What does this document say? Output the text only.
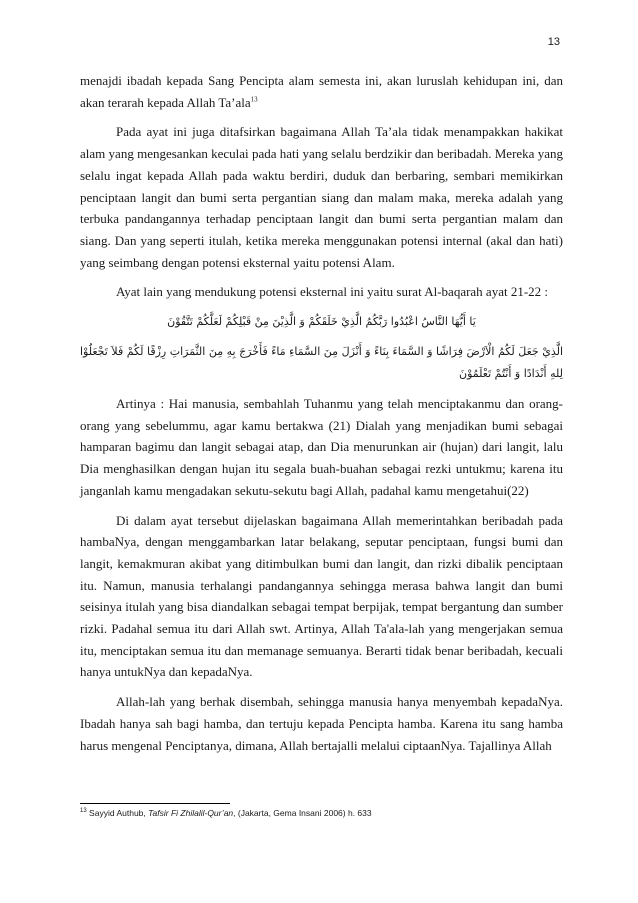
13

menajdi ibadah kepada Sang Pencipta alam semesta ini, akan luruslah kehidupan ini, dan akan terarah kepada Allah Ta’ala$^{13}$

Pada ayat ini juga ditafsirkan bagaimana Allah Ta’ala tidak menampakkan hakikat alam yang mengesankan keculai pada hati yang selalu berdzikir dan beribadah. Mereka yang selalu ingat kepada Allah pada waktu berdiri, duduk dan berbaring, sembari memikirkan penciptaan langit dan bumi serta pergantian siang dan malam maka, mereka adalah yang terbuka pandangannya terhadap penciptaan langit dan bumi serta pergantian malam dan siang. Dan yang seperti itulah, ketika mereka menggunakan potensi internal (akal dan hati) yang seimbang dengan potensi eksternal yaitu potensi Alam.

Ayat lain yang mendukung potensi eksternal ini yaitu surat Al-baqarah ayat 21-22 :

يَا أَيُّهَا النَّاسُ اعْبُدُوا رَبَّكُمُ الَّذِيْ خَلَقَكُمْ وَ الَّذِيْنَ مِنْ قَبْلِكُمْ لَعَلَّكُمْ تَتَّقُوْنَ

الَّذِيْ جَعَلَ لَكُمُ الْاَرْضَ فِرَاشًا وَ السَّمَاءَ بِنَاءً وَ أَنْزَلَ مِنَ السَّمَاءِ مَاءً فَأَخْرَجَ بِهِ مِنَ الثَّمَرَاتِ رِزْقًا لَكُمْ فَلاَ تَجْعَلُوْا لِلهِ أَنْدَادًا وَ أَنْتُمْ تَعْلَمُوْنَ

Artinya : Hai manusia, sembahlah Tuhanmu yang telah menciptakanmu dan orang-orang yang sebelummu, agar kamu bertakwa (21) Dialah yang menjadikan bumi sebagai hamparan bagimu dan langit sebagai atap, dan Dia menurunkan air (hujan) dari langit, lalu Dia menghasilkan dengan hujan itu segala buah-buahan sebagai rezki untukmu; karena itu janganlah kamu mengadakan sekutu-sekutu bagi Allah, padahal kamu mengetahui(22)

Di dalam ayat tersebut dijelaskan bagaimana Allah memerintahkan beribadah pada hambaNya, dengan menggambarkan latar belakang, seputar penciptaan, fungsi bumi dan langit, kemakmuran akibat yang ditimbulkan bumi dan langit, dan rizki dibalik penciptaan itu. Namun, manusia terhalangi pandangannya sehingga merasa bahwa langit dan bumi seisinya itulah yang bisa diandalkan sebagai tempat berpijak, tempat bergantung dan sumber rizki. Padahal semua itu dari Allah swt. Artinya, Allah Ta'ala-lah yang mengerjakan semua itu, menciptakan semua itu dan memanage semuanya. Berarti tidak benar beribadah, kecuali hanya untukNya dan kepadaNya.

Allah-lah yang berhak disembah, sehingga manusia hanya menyembah kepadaNya. Ibadah hanya sah bagi hamba, dan tertuju kepada Pencipta hamba. Karena itu sang hamba harus mengenal Penciptanya, dimana, Allah bertajalli melalui ciptaanNya. Tajallinya Allah

$^{13}$ Sayyid Authub, Tafsir Fi Zhilalil-Qur’an, (Jakarta, Gema Insani 2006) h. 633
